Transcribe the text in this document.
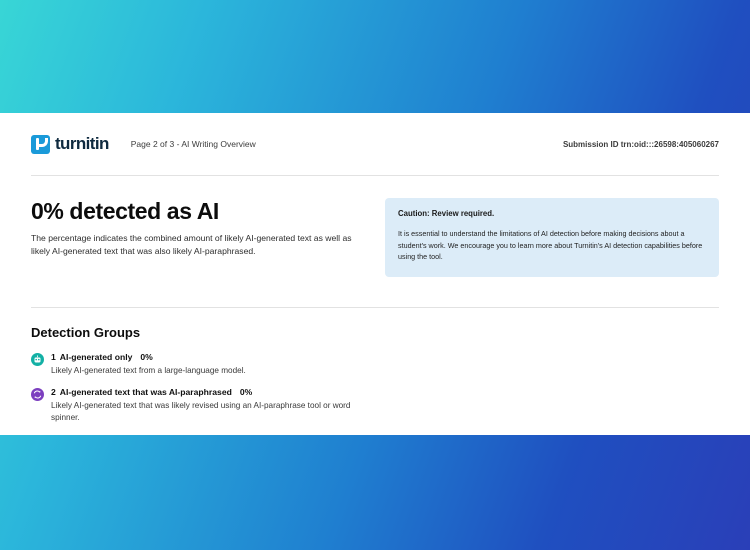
turnitin	Page 2 of 3 - AI Writing Overview	Submission ID trn:oid:::26598:405060267
0% detected as AI

The percentage indicates the combined amount of likely AI-generated text as well as likely AI-generated text that was also likely AI-paraphrased.

Caution: Review required.

It is essential to understand the limitations of AI detection before making decisions about a student's work. We encourage you to learn more about Turnitin's AI detection capabilities before using the tool.

Detection Groups

1 AI-generated only 0%

Likely AI-generated text from a large-language model.

2 AI-generated text that was AI-paraphrased 0%

Likely AI-generated text that was likely revised using an AI-paraphrase tool or word spinner.
